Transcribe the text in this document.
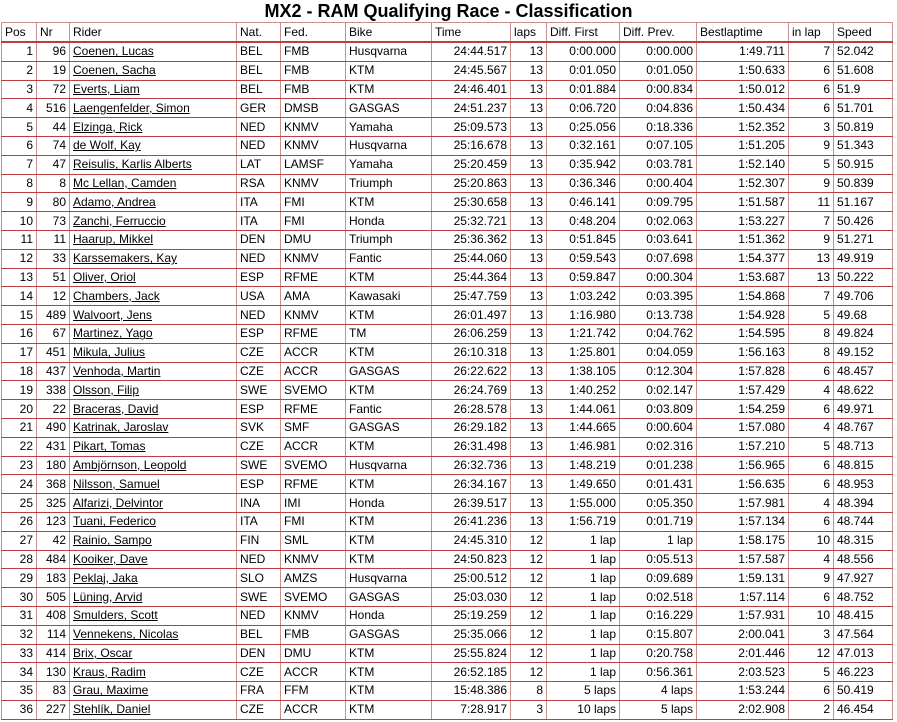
MX2 - RAM Qualifying Race - Classification
Pos	Nr	Rider	Nat.	Fed.	Bike	Time	laps	Diff. First	Diff. Prev.	Bestlaptime	in lap	Speed
1	96	Coenen, Lucas	BEL	FMB	Husqvarna	24:44.517	13	0:00.000	0:00.000	1:49.711	7	52.042
2	19	Coenen, Sacha	BEL	FMB	KTM	24:45.567	13	0:01.050	0:01.050	1:50.633	6	51.608
3	72	Everts, Liam	BEL	FMB	KTM	24:46.401	13	0:01.884	0:00.834	1:50.012	6	51.9
4	516	Laengenfelder, Simon	GER	DMSB	GASGAS	24:51.237	13	0:06.720	0:04.836	1:50.434	6	51.701
5	44	Elzinga, Rick	NED	KNMV	Yamaha	25:09.573	13	0:25.056	0:18.336	1:52.352	3	50.819
6	74	de Wolf, Kay	NED	KNMV	Husqvarna	25:16.678	13	0:32.161	0:07.105	1:51.205	9	51.343
7	47	Reisulis, Karlis Alberts	LAT	LAMSF	Yamaha	25:20.459	13	0:35.942	0:03.781	1:52.140	5	50.915
8	8	Mc Lellan, Camden	RSA	KNMV	Triumph	25:20.863	13	0:36.346	0:00.404	1:52.307	9	50.839
9	80	Adamo, Andrea	ITA	FMI	KTM	25:30.658	13	0:46.141	0:09.795	1:51.587	11	51.167
10	73	Zanchi, Ferruccio	ITA	FMI	Honda	25:32.721	13	0:48.204	0:02.063	1:53.227	7	50.426
11	11	Haarup, Mikkel	DEN	DMU	Triumph	25:36.362	13	0:51.845	0:03.641	1:51.362	9	51.271
12	33	Karssemakers, Kay	NED	KNMV	Fantic	25:44.060	13	0:59.543	0:07.698	1:54.377	13	49.919
13	51	Oliver, Oriol	ESP	RFME	KTM	25:44.364	13	0:59.847	0:00.304	1:53.687	13	50.222
14	12	Chambers, Jack	USA	AMA	Kawasaki	25:47.759	13	1:03.242	0:03.395	1:54.868	7	49.706
15	489	Walvoort, Jens	NED	KNMV	KTM	26:01.497	13	1:16.980	0:13.738	1:54.928	5	49.68
16	67	Martinez, Yago	ESP	RFME	TM	26:06.259	13	1:21.742	0:04.762	1:54.595	8	49.824
17	451	Mikula, Julius	CZE	ACCR	KTM	26:10.318	13	1:25.801	0:04.059	1:56.163	8	49.152
18	437	Venhoda, Martin	CZE	ACCR	GASGAS	26:22.622	13	1:38.105	0:12.304	1:57.828	6	48.457
19	338	Olsson, Filip	SWE	SVEMO	KTM	26:24.769	13	1:40.252	0:02.147	1:57.429	4	48.622
20	22	Braceras, David	ESP	RFME	Fantic	26:28.578	13	1:44.061	0:03.809	1:54.259	6	49.971
21	490	Katrinak, Jaroslav	SVK	SMF	GASGAS	26:29.182	13	1:44.665	0:00.604	1:57.080	4	48.767
22	431	Pikart, Tomas	CZE	ACCR	KTM	26:31.498	13	1:46.981	0:02.316	1:57.210	5	48.713
23	180	Ambjörnson, Leopold	SWE	SVEMO	Husqvarna	26:32.736	13	1:48.219	0:01.238	1:56.965	6	48.815
24	368	Nilsson, Samuel	ESP	RFME	KTM	26:34.167	13	1:49.650	0:01.431	1:56.635	6	48.953
25	325	Alfarizi, Delvintor	INA	IMI	Honda	26:39.517	13	1:55.000	0:05.350	1:57.981	4	48.394
26	123	Tuani, Federico	ITA	FMI	KTM	26:41.236	13	1:56.719	0:01.719	1:57.134	6	48.744
27	42	Rainio, Sampo	FIN	SML	KTM	24:45.310	12	1 lap	1 lap	1:58.175	10	48.315
28	484	Kooiker, Dave	NED	KNMV	KTM	24:50.823	12	1 lap	0:05.513	1:57.587	4	48.556
29	183	Peklaj, Jaka	SLO	AMZS	Husqvarna	25:00.512	12	1 lap	0:09.689	1:59.131	9	47.927
30	505	Lüning, Arvid	SWE	SVEMO	GASGAS	25:03.030	12	1 lap	0:02.518	1:57.114	6	48.752
31	408	Smulders, Scott	NED	KNMV	Honda	25:19.259	12	1 lap	0:16.229	1:57.931	10	48.415
32	114	Vennekens, Nicolas	BEL	FMB	GASGAS	25:35.066	12	1 lap	0:15.807	2:00.041	3	47.564
33	414	Brix, Oscar	DEN	DMU	KTM	25:55.824	12	1 lap	0:20.758	2:01.446	12	47.013
34	130	Kraus, Radim	CZE	ACCR	KTM	26:52.185	12	1 lap	0:56.361	2:03.523	5	46.223
35	83	Grau, Maxime	FRA	FFM	KTM	15:48.386	8	5 laps	4 laps	1:53.244	6	50.419
36	227	Stehlík, Daniel	CZE	ACCR	KTM	7:28.917	3	10 laps	5 laps	2:02.908	2	46.454
